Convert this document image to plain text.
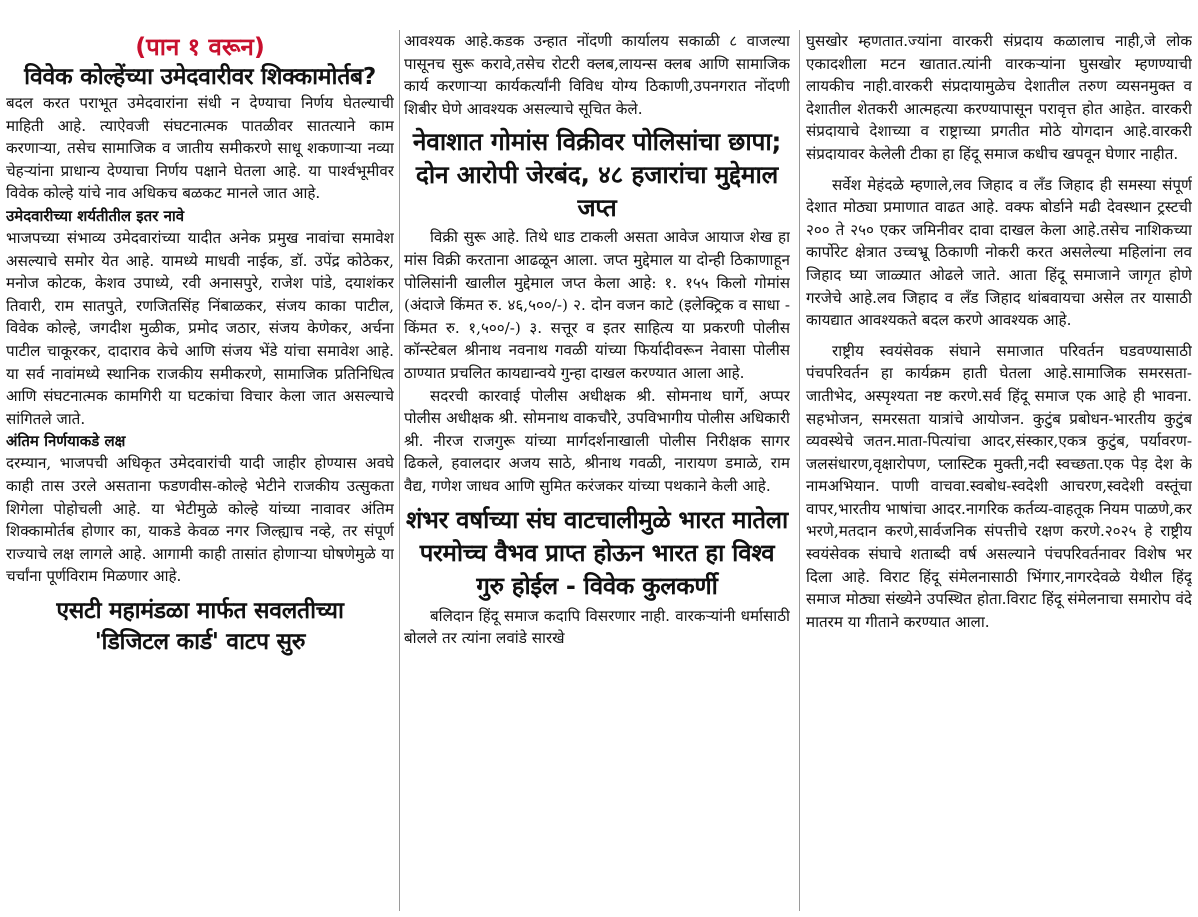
(पान १ वरून)
विवेक कोल्हेंच्या उमेदवारीवर शिक्कामोर्तब?

बदल करत पराभूत उमेदवारांना संधी न देण्याचा निर्णय घेतल्याची माहिती आहे. त्याऐवजी संघटनात्मक पातळीवर सातत्याने काम करणाऱ्या, तसेच सामाजिक व जातीय समीकरणे साधू शकणाऱ्या नव्या चेहऱ्यांना प्राधान्य देण्याचा निर्णय पक्षाने घेतला आहे. या पार्श्वभूमीवर विवेक कोल्हे यांचे नाव अधिकच बळकट मानले जात आहे.

उमेदवारीच्या शर्यतीतील इतर नावे

भाजपच्या संभाव्य उमेदवारांच्या यादीत अनेक प्रमुख नावांचा समावेश असल्याचे समोर येत आहे. यामध्ये माधवी नाईक, डॉ. उपेंद्र कोठेकर, मनोज कोटक, केशव उपाध्ये, रवी अनासपुरे, राजेश पांडे, दयाशंकर तिवारी, राम सातपुते, रणजितसिंह निंबाळकर, संजय काका पाटील, विवेक कोल्हे, जगदीश मुळीक, प्रमोद जठार, संजय केणेकर, अर्चना पाटील चाकूरकर, दादाराव केचे आणि संजय भेंडे यांचा समावेश आहे. या सर्व नावांमध्ये स्थानिक राजकीय समीकरणे, सामाजिक प्रतिनिधित्व आणि संघटनात्मक कामगिरी या घटकांचा विचार केला जात असल्याचे सांगितले जाते.

अंतिम निर्णयाकडे लक्ष

दरम्यान, भाजपची अधिकृत उमेदवारांची यादी जाहीर होण्यास अवघे काही तास उरले असताना फडणवीस-कोल्हे भेटीने राजकीय उत्सुकता शिगेला पोहोचली आहे. या भेटीमुळे कोल्हे यांच्या नावावर अंतिम शिक्कामोर्तब होणार का, याकडे केवळ नगर जिल्ह्याच नव्हे, तर संपूर्ण राज्याचे लक्ष लागले आहे. आगामी काही तासांत होणाऱ्या घोषणेमुळे या चर्चांना पूर्णविराम मिळणार आहे.

एसटी महामंडळा मार्फत सवलतीच्या
'डिजिटल कार्ड' वाटप सुरु

आवश्यक आहे.कडक उन्हात नोंदणी कार्यालय सकाळी ८ वाजल्या पासूनच सुरू करावे,तसेच रोटरी क्लब,लायन्स क्लब आणि सामाजिक कार्य करणाऱ्या कार्यकर्त्यांनी विविध योग्य ठिकाणी,उपनगरात नोंदणी शिबीर घेणे आवश्यक असल्याचे सूचित केले.

नेवाशात गोमांस विक्रीवर पोलिसांचा छापा; दोन आरोपी जेरबंद, ४८ हजारांचा मुद्देमाल जप्त

विक्री सुरू आहे. तिथे धाड टाकली असता आवेज आयाज शेख हा मांस विक्री करताना आढळून आला. जप्त मुद्देमाल या दोन्ही ठिकाणाहून पोलिसांनी खालील मुद्देमाल जप्त केला आहे: १. १५५ किलो गोमांस (अंदाजे किंमत रु. ४६,५००/-) २. दोन वजन काटे (इलेक्ट्रिक व साधा - किंमत रु. १,५००/-) ३. सत्तूर व इतर साहित्य या प्रकरणी पोलीस कॉन्स्टेबल श्रीनाथ नवनाथ गवळी यांच्या फिर्यादीवरून नेवासा पोलीस ठाण्यात प्रचलित कायद्यान्वये गुन्हा दाखल करण्यात आला आहे.

सदरची कारवाई पोलीस अधीक्षक श्री. सोमनाथ घार्गे, अप्पर पोलीस अधीक्षक श्री. सोमनाथ वाकचौरे, उपविभागीय पोलीस अधिकारी श्री. नीरज राजगुरू यांच्या मार्गदर्शनाखाली पोलीस निरीक्षक सागर ढिकले, हवालदार अजय साठे, श्रीनाथ गवळी, नारायण डमाळे, राम वैद्य, गणेश जाधव आणि सुमित करंजकर यांच्या पथकाने केली आहे.

शंभर वर्षाच्या संघ वाटचालीमुळे भारत मातेला परमोच्च वैभव प्राप्त होऊन भारत हा विश्व गुरु होईल - विवेक कुलकर्णी

बलिदान हिंदू समाज कदापि विसरणार नाही. वारकऱ्यांनी धर्मासाठी बोलले तर त्यांना लवांडे सारखे

घुसखोर म्हणतात.ज्यांना वारकरी संप्रदाय कळालाच नाही,जे लोक एकादशीला मटन खातात.त्यांनी वारकऱ्यांना घुसखोर म्हणण्याची लायकीच नाही.वारकरी संप्रदायामुळेच देशातील तरुण व्यसनमुक्त व देशातील शेतकरी आत्महत्या करण्यापासून परावृत्त होत आहेत. वारकरी संप्रदायाचे देशाच्या व राष्ट्राच्या प्रगतीत मोठे योगदान आहे.वारकरी संप्रदायावर केलेली टीका हा हिंदू समाज कधीच खपवून घेणार नाहीत.

सर्वेश मेहंदळे म्हणाले,लव जिहाद व लँड जिहाद ही समस्या संपूर्ण देशात मोठ्या प्रमाणात वाढत आहे. वक्फ बोर्डाने मढी देवस्थान ट्रस्टची २०० ते २५० एकर जमिनीवर दावा दाखल केला आहे.तसेच नाशिकच्या कार्पोरेट क्षेत्रात उच्चभ्रू ठिकाणी नोकरी करत असलेल्या महिलांना लव जिहाद घ्या जाळ्यात ओढले जाते. आता हिंदू समाजाने जागृत होणे गरजेचे आहे.लव जिहाद व लँड जिहाद थांबवायचा असेल तर यासाठी कायद्यात आवश्यकते बदल करणे आवश्यक आहे.

राष्ट्रीय स्वयंसेवक संघाने समाजात परिवर्तन घडवण्यासाठी पंचपरिवर्तन हा कार्यक्रम हाती घेतला आहे.सामाजिक समरसता-जातीभेद, अस्पृश्यता नष्ट करणे.सर्व हिंदू समाज एक आहे ही भावना. सहभोजन, समरसता यात्रांचे आयोजन. कुटुंब प्रबोधन-भारतीय कुटुंब व्यवस्थेचे जतन.माता-पित्यांचा आदर,संस्कार,एकत्र कुटुंब, पर्यावरण-जलसंधारण,वृक्षारोपण, प्लास्टिक मुक्ती,नदी स्वच्छता.एक पेड़ देश के नामअभियान. पाणी वाचवा.स्वबोध-स्वदेशी आचरण,स्वदेशी वस्तूंचा वापर,भारतीय भाषांचा आदर.नागरिक कर्तव्य-वाहतूक नियम पाळणे,कर भरणे,मतदान करणे,सार्वजनिक संपत्तीचे रक्षण करणे.२०२५ हे राष्ट्रीय स्वयंसेवक संघाचे शताब्दी वर्ष असल्याने पंचपरिवर्तनावर विशेष भर दिला आहे. विराट हिंदू संमेलनासाठी भिंगार,नागरदेवळे येथील हिंदू समाज मोठ्या संख्येने उपस्थित होता.विराट हिंदू संमेलनाचा समारोप वंदे मातरम या गीताने करण्यात आला.
